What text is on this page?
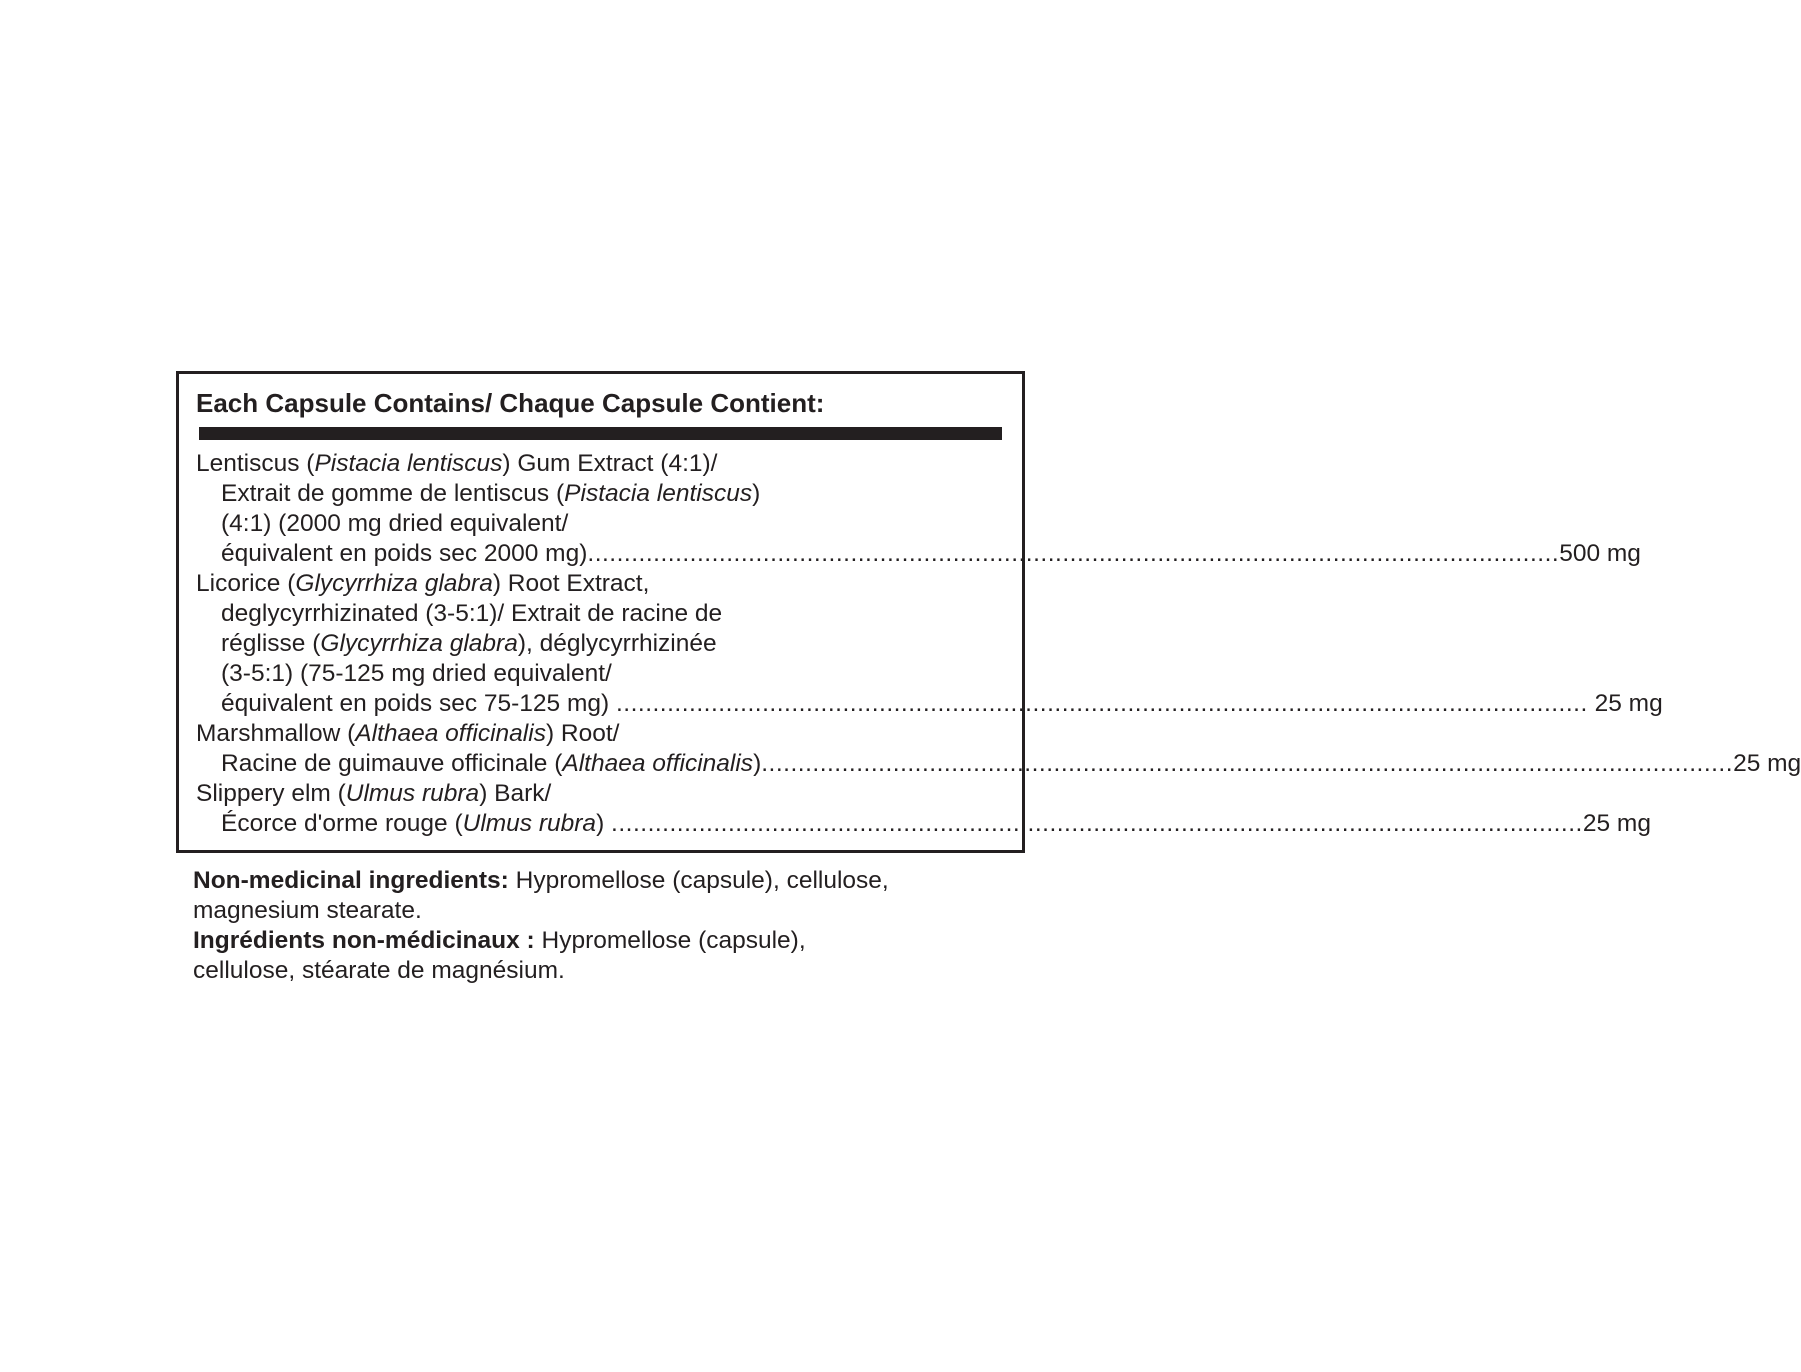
Each Capsule Contains/ Chaque Capsule Contient:
Lentiscus (Pistacia lentiscus) Gum Extract (4:1)/
Extrait de gomme de lentiscus (Pistacia lentiscus)
(4:1) (2000 mg dried equivalent/
équivalent en poids sec 2000 mg) ..................................................................................................................................... 500 mg
Licorice (Glycyrrhiza glabra) Root Extract,
deglycyrrhizinated (3-5:1)/ Extrait de racine de
réglisse (Glycyrrhiza glabra), déglycyrrhizinée
(3-5:1) (75-125 mg dried equivalent/
équivalent en poids sec 75-125 mg) ..................................................................................................................................... 25 mg
Marshmallow (Althaea officinalis) Root/
Racine de guimauve officinale (Althaea officinalis) ..................................................................................................................................... 25 mg
Slippery elm (Ulmus rubra) Bark/
Écorce d'orme rouge (Ulmus rubra) ..................................................................................................................................... 25 mg
Non-medicinal ingredients: Hypromellose (capsule), cellulose,
magnesium stearate.
Ingrédients non-médicinaux : Hypromellose (capsule),
cellulose, stéarate de magnésium.
